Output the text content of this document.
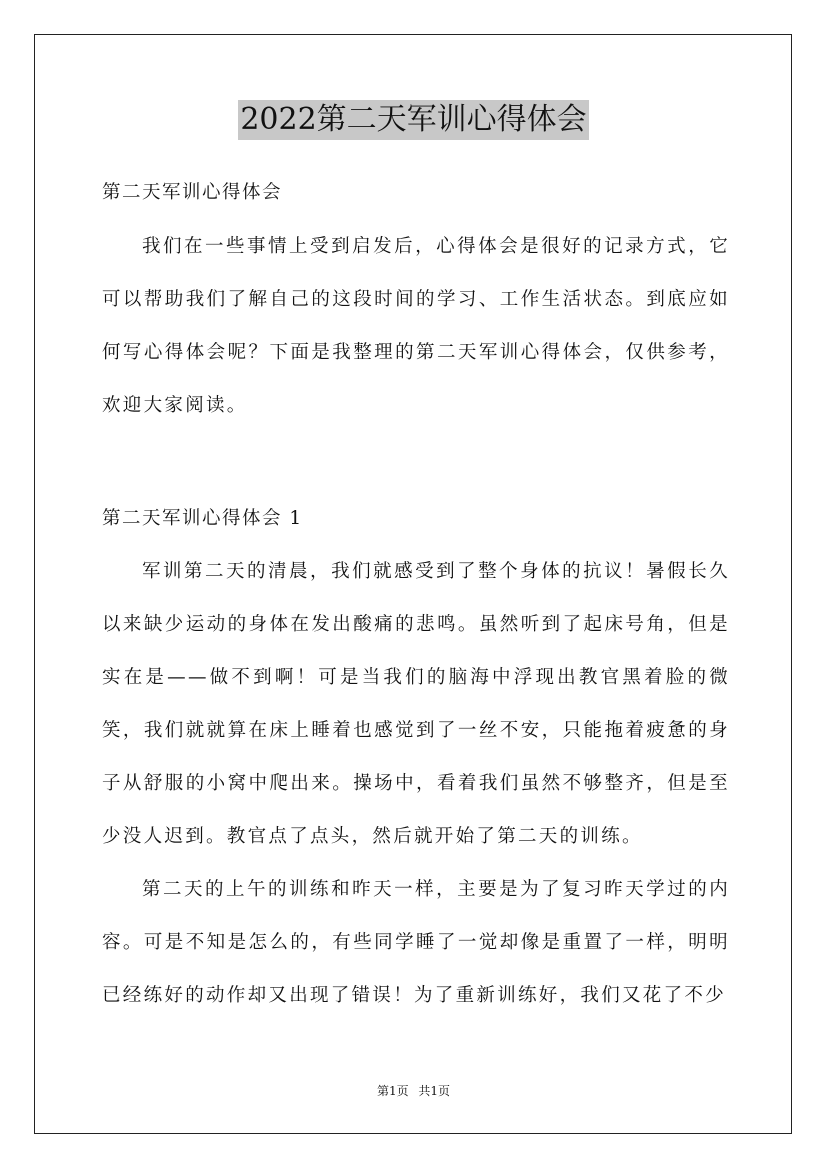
2022第二天军训心得体会

第二天军训心得体会

我们在一些事情上受到启发后，心得体会是很好的记录方式，它可以帮助我们了解自己的这段时间的学习、工作生活状态。到底应如何写心得体会呢？下面是我整理的第二天军训心得体会，仅供参考，欢迎大家阅读。

第二天军训心得体会 1

军训第二天的清晨，我们就感受到了整个身体的抗议！暑假长久以来缺少运动的身体在发出酸痛的悲鸣。虽然听到了起床号角，但是实在是——做不到啊！可是当我们的脑海中浮现出教官黑着脸的微笑，我们就就算在床上睡着也感觉到了一丝不安，只能拖着疲惫的身子从舒服的小窝中爬出来。操场中，看着我们虽然不够整齐，但是至少没人迟到。教官点了点头，然后就开始了第二天的训练。

第二天的上午的训练和昨天一样，主要是为了复习昨天学过的内容。可是不知是怎么的，有些同学睡了一觉却像是重置了一样，明明已经练好的动作却又出现了错误！为了重新训练好，我们又花了不少

第1页 共1页
